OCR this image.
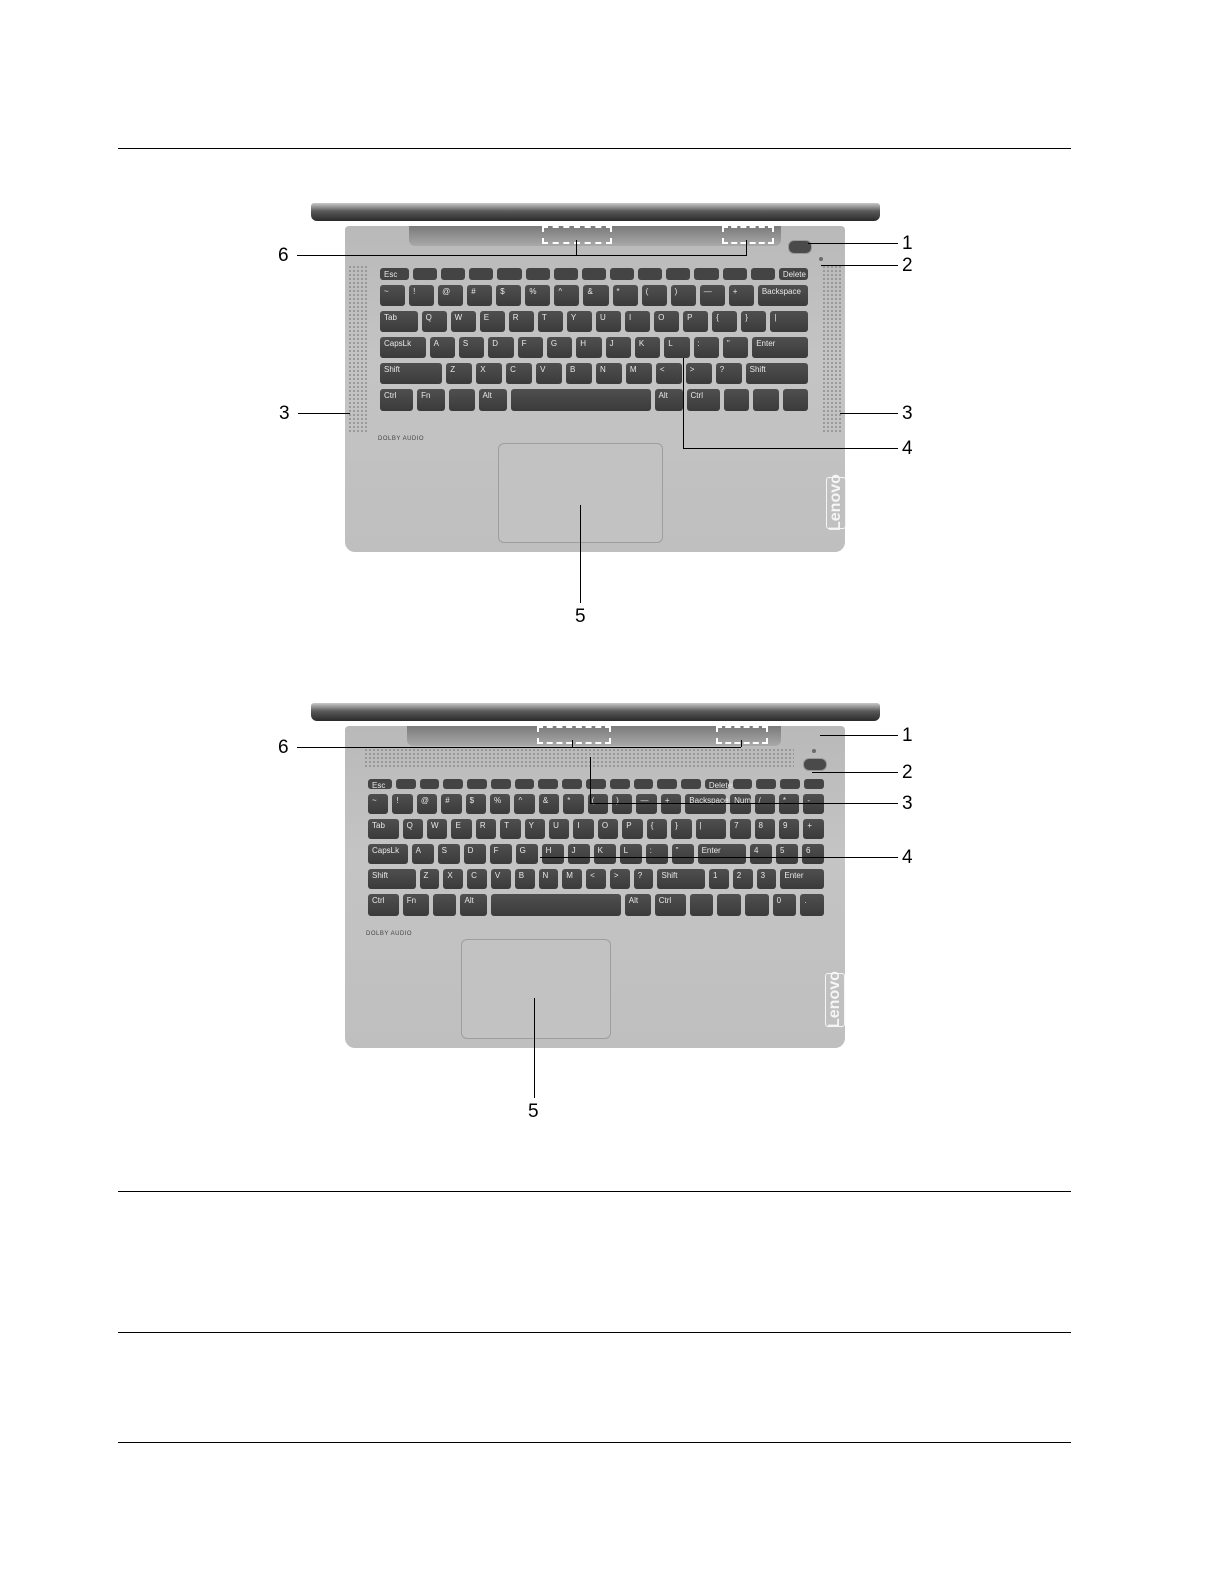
Esc	Delete
~	!	@	#	$	%	^	&	*	(	)	—	+	Backspace
Tab	Q	W	E	R	T	Y	U	I	O	P	{	}	|
CapsLk	A	S	D	F	G	H	J	K	L	:	"	Enter
Shift	Z	X	C	V	B	N	M	<	>	?	Shift
Ctrl	Fn	Alt	Alt	Ctrl
DOLBY AUDIO
Lenovo
1
2
6
3	3
4
5
Esc	Delete
~	!	@	#	$	%	^	&	*	(	)	—	+	Backspace Num /	*	-
Tab	Q	W	E	R	T	Y	U	I	O	P	{	}	|	7	8	9	+
CapsLk	A	S	D	F	G	H	J	K	L	:	"	Enter	4	5	6
Shift	Z	X	C	V	B	N	M	<	>	?	Shift	1	2	3	Enter
Ctrl	Fn	Alt	Alt	Ctrl	0	.
DOLBY AUDIO
Lenovo
1
2
6
3
4
5
